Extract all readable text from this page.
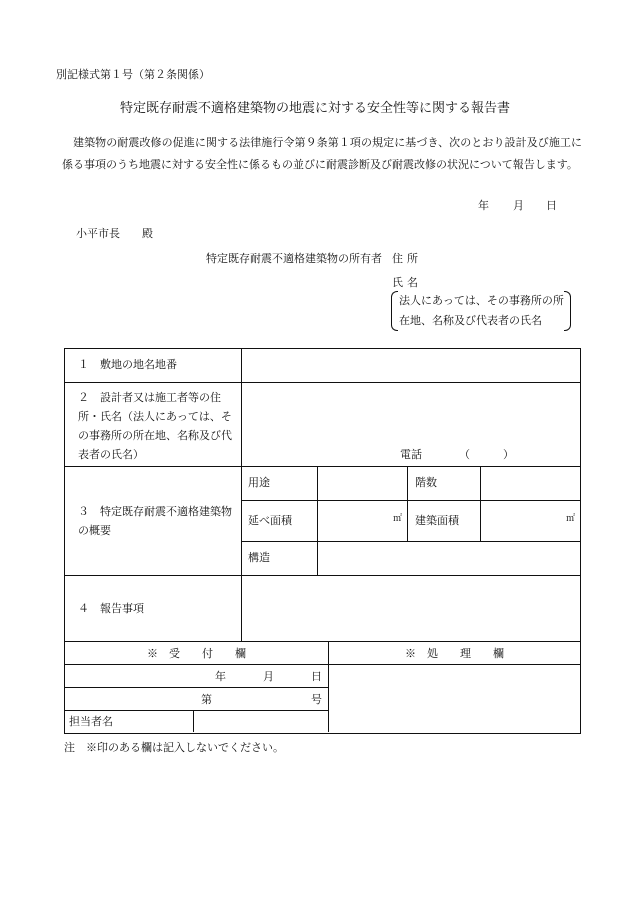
別記様式第１号（第２条関係）
特定既存耐震不適格建築物の地震に対する安全性等に関する報告書
建築物の耐震改修の促進に関する法律施行令第９条第１項の規定に基づき、次のとおり設計及び施工に係る事項のうち地震に対する安全性に係るもの並びに耐震診断及び耐震改修の状況について報告します。
年 月 日
小平市長　　殿
特定既存耐震不適格建築物の所有者 住所
氏名
法人にあっては、その事務所の所在地、名称及び代表者の氏名
１　敷地の地名地番
２　設計者又は施工者等の住所・氏名（法人にあっては、その事務所の所在地、名称及び代表者の氏名）	電話	（　　　）
３　特定既存耐震不適格建築物の概要
用途	階数
延べ面積	㎡ 建築面積	㎡
構造
４　報告事項
※　受　　付　　欄	※　処　　理　　欄
年	月	日
第	号
担当者名
注　※印のある欄は記入しないでください。
